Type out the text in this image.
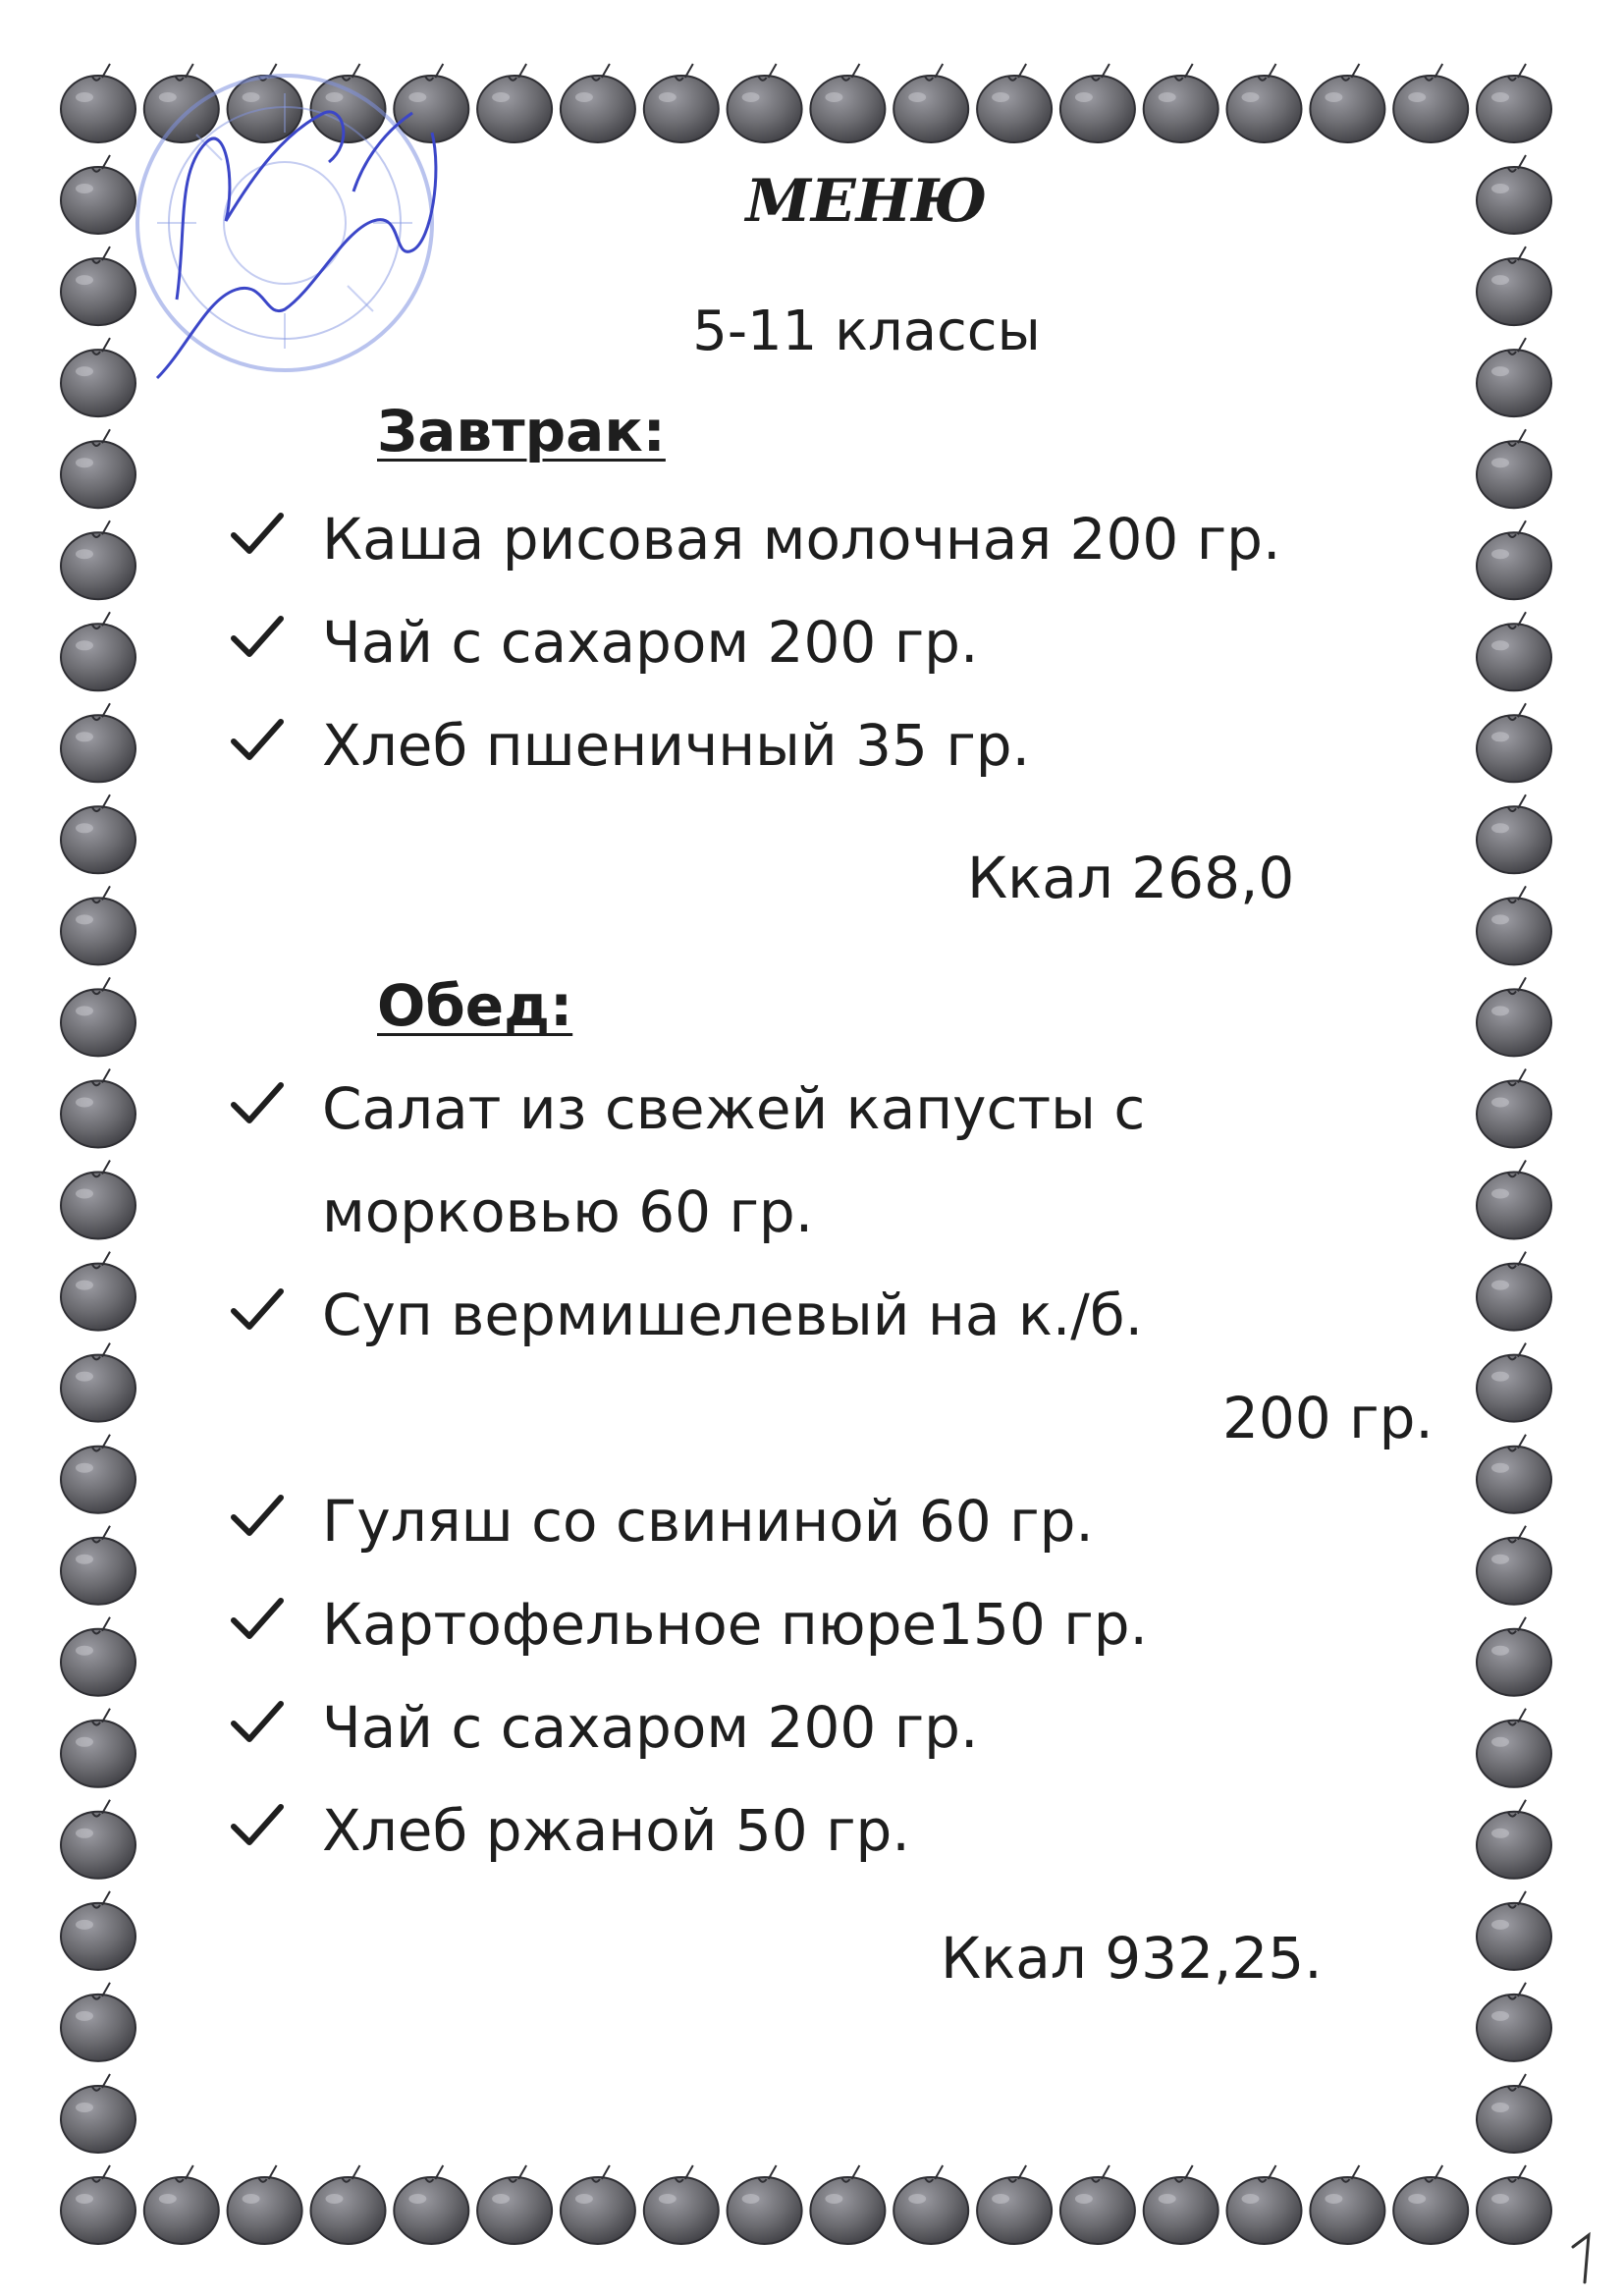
МЕНЮ

5-11 классы

Завтрак:
Каша рисовая молочная 200 гр.
Чай с сахаром 200 гр.
Хлеб пшеничный 35 гр.
Ккал 268,0
Обед:
Салат из свежей капусты с
морковью 60 гр.
Суп вермишелевый на к./б.
200 гр.
Гуляш со свининой 60 гр.
Картофельное пюре150 гр.
Чай с сахаром 200 гр.
Хлеб ржаной 50 гр.
Ккал 932,25.
